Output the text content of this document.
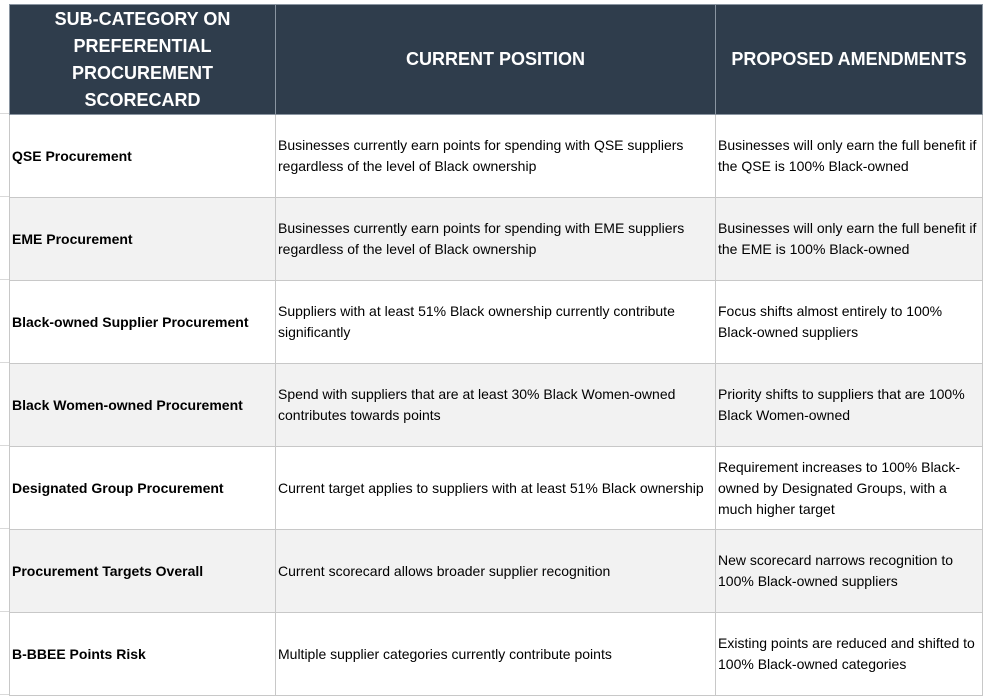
SUB-CATEGORY ON PREFERENTIAL PROCUREMENT SCORECARD	CURRENT POSITION	PROPOSED AMENDMENTS
QSE Procurement	Businesses currently earn points for spending with QSE suppliers regardless of the level of Black ownership	Businesses will only earn the full benefit if the QSE is 100% Black-owned
EME Procurement	Businesses currently earn points for spending with EME suppliers regardless of the level of Black ownership	Businesses will only earn the full benefit if the EME is 100% Black-owned
Black-owned Supplier Procurement	Suppliers with at least 51% Black ownership currently contribute significantly	Focus shifts almost entirely to 100% Black-owned suppliers
Black Women-owned Procurement	Spend with suppliers that are at least 30% Black Women-owned contributes towards points	Priority shifts to suppliers that are 100% Black Women-owned
Designated Group Procurement	Current target applies to suppliers with at least 51% Black ownership	Requirement increases to 100% Black-owned by Designated Groups, with a much higher target
Procurement Targets Overall	Current scorecard allows broader supplier recognition	New scorecard narrows recognition to 100% Black-owned suppliers
B-BBEE Points Risk	Multiple supplier categories currently contribute points	Existing points are reduced and shifted to 100% Black-owned categories
